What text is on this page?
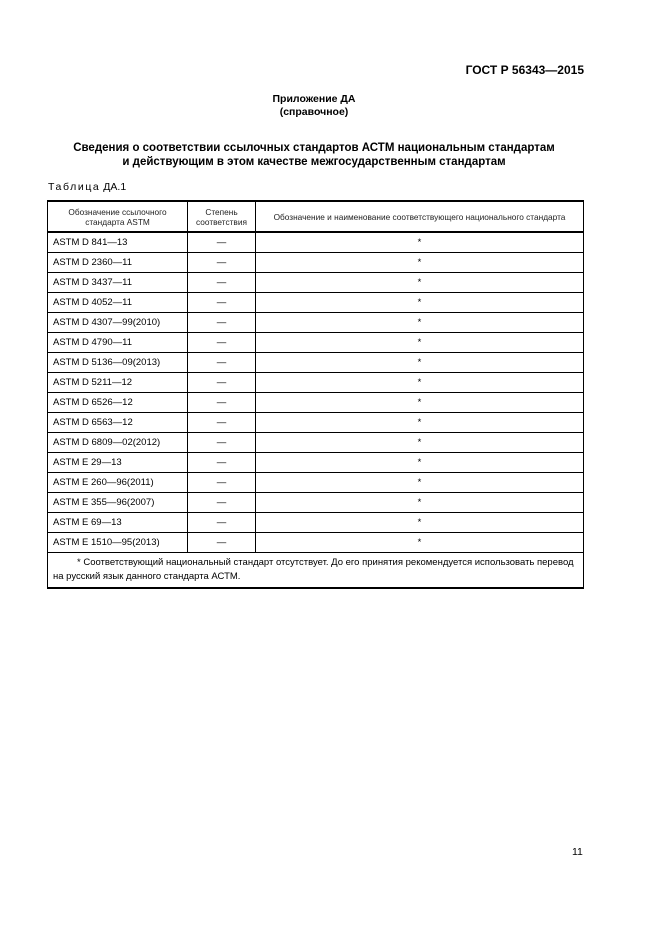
ГОСТ Р 56343—2015
Приложение ДА
(справочное)
Сведения о соответствии ссылочных стандартов АСТМ национальным стандартам
и действующим в этом качестве межгосударственным стандартам
Таблица ДА.1
Обозначение ссылочного стандарта ASTM	Степень соответствия	Обозначение и наименование соответствующего национального стандарта
ASTM D 841—13	—	*
ASTM D 2360—11	—	*
ASTM D 3437—11	—	*
ASTM D 4052—11	—	*
ASTM D 4307—99(2010)	—	*
ASTM D 4790—11	—	*
ASTM D 5136—09(2013)	—	*
ASTM D 5211—12	—	*
ASTM D 6526—12	—	*
ASTM D 6563—12	—	*
ASTM D 6809—02(2012)	—	*
ASTM E 29—13	—	*
ASTM E 260—96(2011)	—	*
ASTM E 355—96(2007)	—	*
ASTM E 69—13	—	*
ASTM E 1510—95(2013)	—	*
* Соответствующий национальный стандарт отсутствует. До его принятия рекомендуется использовать перевод на русский язык данного стандарта АСТМ.		
11
